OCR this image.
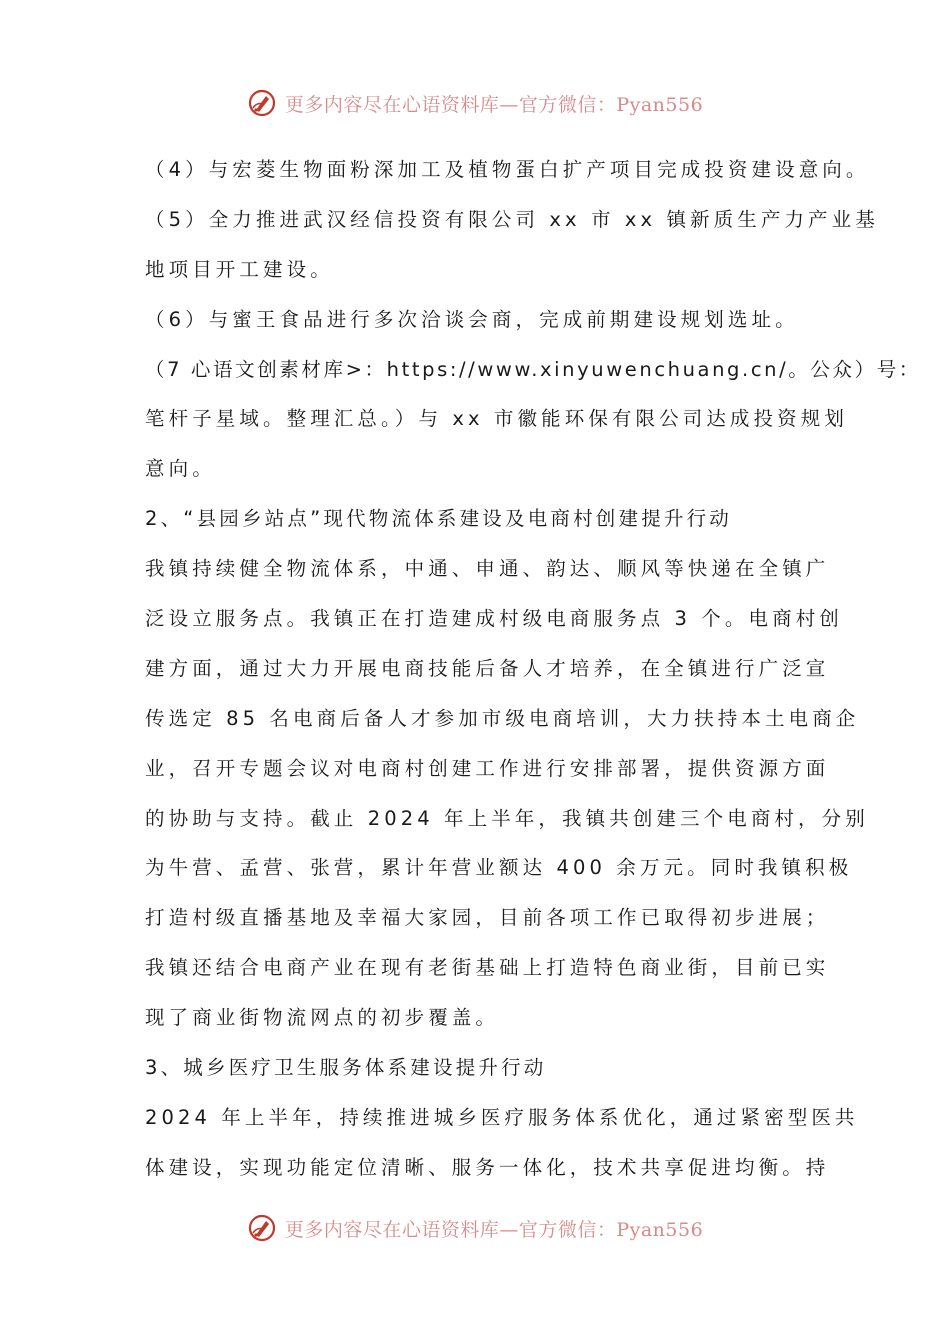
更多内容尽在心语资料库—官方微信：Pyan556
（4）与宏菱生物面粉深加工及植物蛋白扩产项目完成投资建设意向。
（5）全力推进武汉经信投资有限公司 xx 市 xx 镇新质生产力产业基
地项目开工建设。
（6）与蜜王食品进行多次洽谈会商，完成前期建设规划选址。
（7 心语文创素材库>：https://www.xinyuwenchuang.cn/。公众）号：
笔杆子星域。整理汇总。）与 xx 市徽能环保有限公司达成投资规划
意向。
2、“县园乡站点”现代物流体系建设及电商村创建提升行动
我镇持续健全物流体系，中通、申通、韵达、顺风等快递在全镇广
泛设立服务点。我镇正在打造建成村级电商服务点 3 个。电商村创
建方面，通过大力开展电商技能后备人才培养，在全镇进行广泛宣
传选定 85 名电商后备人才参加市级电商培训，大力扶持本土电商企
业，召开专题会议对电商村创建工作进行安排部署，提供资源方面
的协助与支持。截止 2024 年上半年，我镇共创建三个电商村，分别
为牛营、孟营、张营，累计年营业额达 400 余万元。同时我镇积极
打造村级直播基地及幸福大家园，目前各项工作已取得初步进展；
我镇还结合电商产业在现有老街基础上打造特色商业街，目前已实
现了商业街物流网点的初步覆盖。
3、城乡医疗卫生服务体系建设提升行动
2024 年上半年，持续推进城乡医疗服务体系优化，通过紧密型医共
体建设，实现功能定位清晰、服务一体化，技术共享促进均衡。持
更多内容尽在心语资料库—官方微信：Pyan556
